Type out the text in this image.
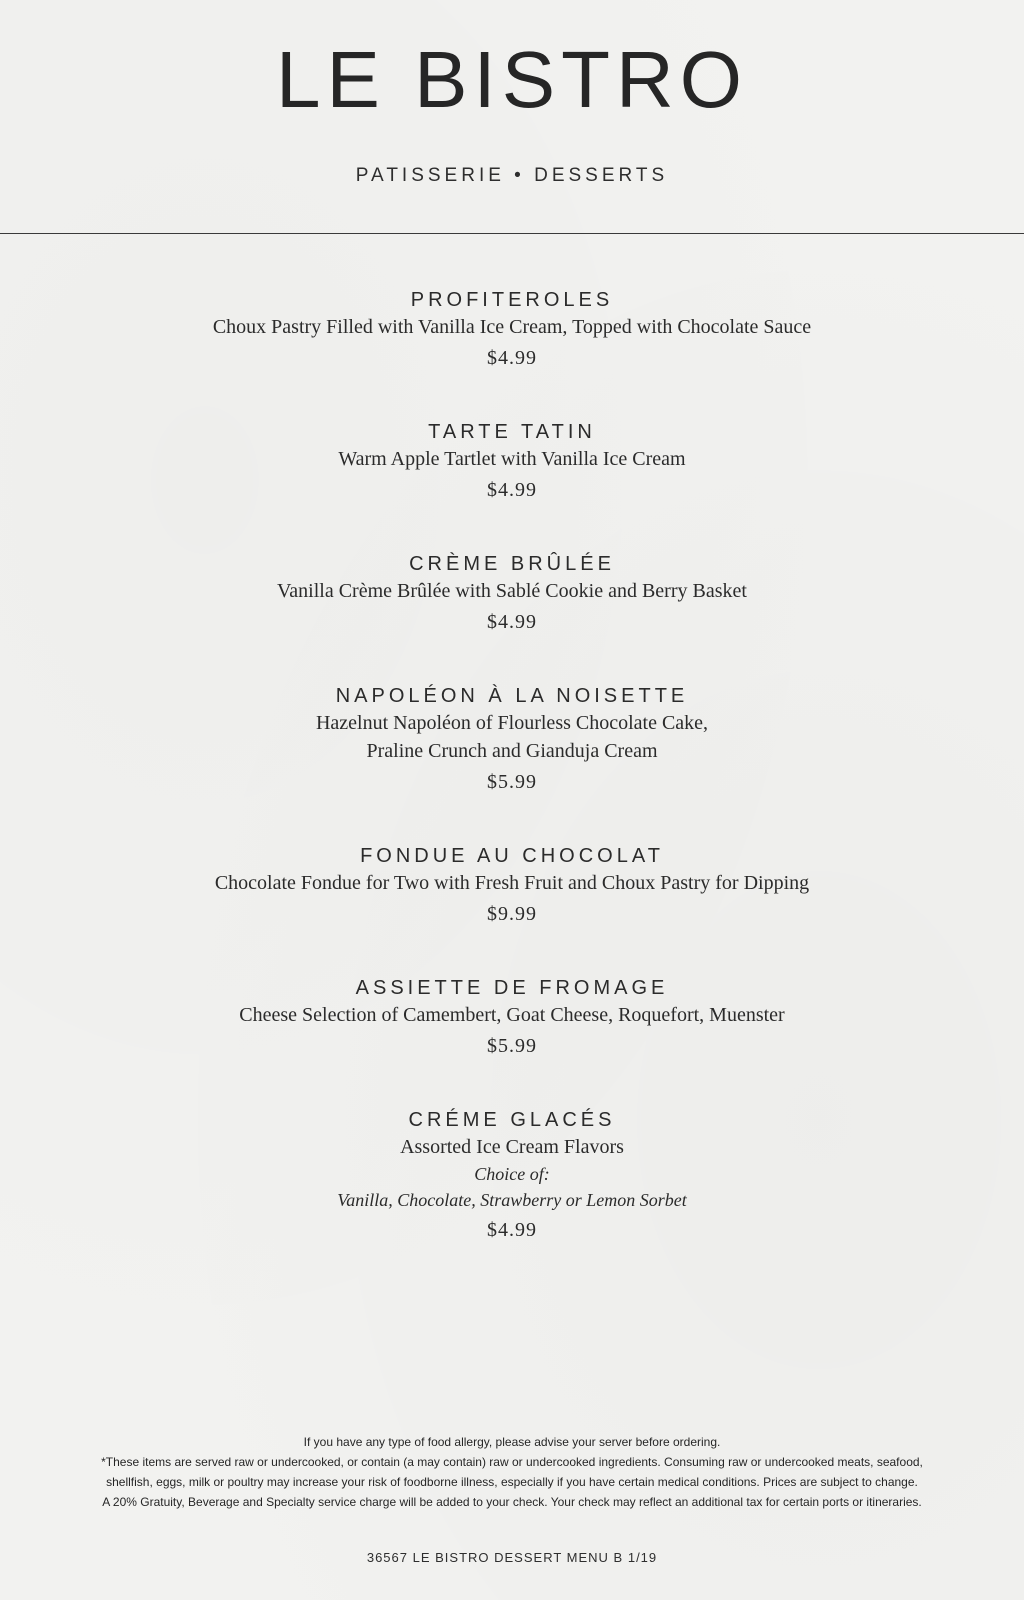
LE BISTRO
PATISSERIE • DESSERTS
PROFITEROLES
Choux Pastry Filled with Vanilla Ice Cream, Topped with Chocolate Sauce
$4.99
TARTE TATIN
Warm Apple Tartlet with Vanilla Ice Cream
$4.99
CRÈME BRÛLÉE
Vanilla Crème Brûlée with Sablé Cookie and Berry Basket
$4.99
NAPOLÉON À LA NOISETTE
Hazelnut Napoléon of Flourless Chocolate Cake,
Praline Crunch and Gianduja Cream
$5.99
FONDUE AU CHOCOLAT
Chocolate Fondue for Two with Fresh Fruit and Choux Pastry for Dipping
$9.99
ASSIETTE DE FROMAGE
Cheese Selection of Camembert, Goat Cheese, Roquefort, Muenster
$5.99
CRÉME GLACÉS
Assorted Ice Cream Flavors
Choice of:
Vanilla, Chocolate, Strawberry or Lemon Sorbet
$4.99
If you have any type of food allergy, please advise your server before ordering.
*These items are served raw or undercooked, or contain (a may contain) raw or undercooked ingredients. Consuming raw or undercooked meats, seafood,
shellfish, eggs, milk or poultry may increase your risk of foodborne illness, especially if you have certain medical conditions. Prices are subject to change.
A 20% Gratuity, Beverage and Specialty service charge will be added to your check. Your check may reflect an additional tax for certain ports or itineraries.
36567 LE BISTRO DESSERT MENU B 1/19
